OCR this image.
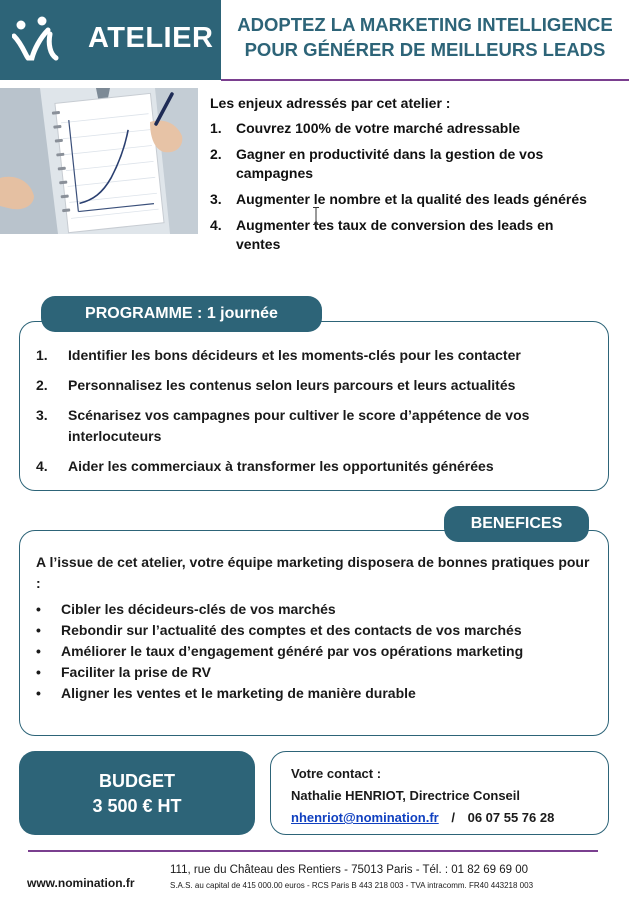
ATELIER	ADOPTEZ LA MARKETING INTELLIGENCE
POUR GÉNÉRER DE MEILLEURS LEADS
Les enjeux adressés par cet atelier :
1.	Couvrez 100% de votre marché adressable
2.	Gagner en productivité dans la gestion de vos campagnes
3.	Augmenter le nombre et la qualité des leads générés
4.	Augmenter tes taux de conversion des leads en ventes
PROGRAMME : 1 journée
1.	Identifier les bons décideurs et les moments-clés pour les contacter
2.	Personnalisez les contenus selon leurs parcours et leurs actualités
3.	Scénarisez vos campagnes pour cultiver le score d’appétence de vos interlocuteurs
4.	Aider les commerciaux à transformer les opportunités générées
BENEFICES
A l’issue de cet atelier, votre équipe marketing disposera de bonnes pratiques pour :
•	Cibler les décideurs-clés de vos marchés
•	Rebondir sur l’actualité des comptes et des contacts de vos marchés
•	Améliorer le taux d’engagement généré par vos opérations marketing
•	Faciliter la prise de RV
•	Aligner les ventes et le marketing de manière durable
BUDGET
3 500 € HT
Votre contact :
Nathalie HENRIOT, Directrice Conseil
nhenriot@nomination.fr / 06 07 55 76 28
www.nomination.fr
111, rue du Château des Rentiers - 75013 Paris - Tél. : 01 82 69 69 00
S.A.S. au capital de 415 000.00 euros - RCS Paris B 443 218 003 - TVA intracomm. FR40 443218 003
